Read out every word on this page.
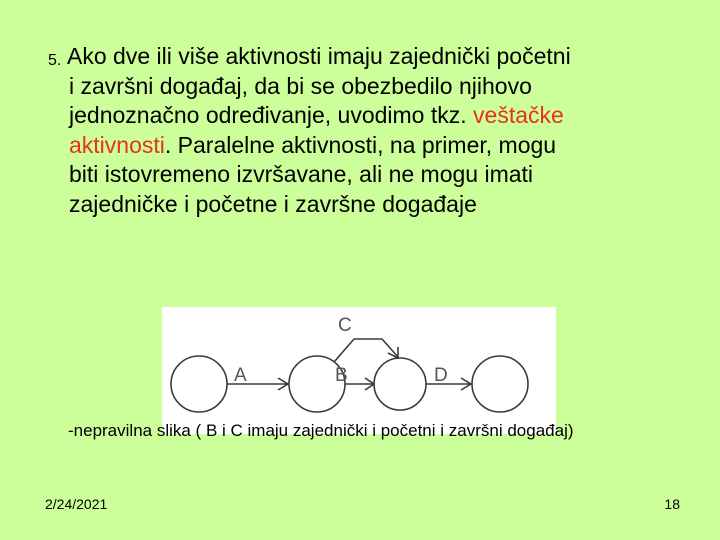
5. Ako dve ili više aktivnosti imaju zajednički početni
i završni događaj, da bi se obezbedilo njihovo
jednoznačno određivanje, uvodimo tkz. veštačke
aktivnosti. Paralelne aktivnosti, na primer, mogu
biti istovremeno izvršavane, ali ne mogu imati
zajedničke i početne i završne događaje

A	B
C
D
-nepravilna slika ( B i C imaju zajednički i početni i završni događaj)
2/24/2021	18
